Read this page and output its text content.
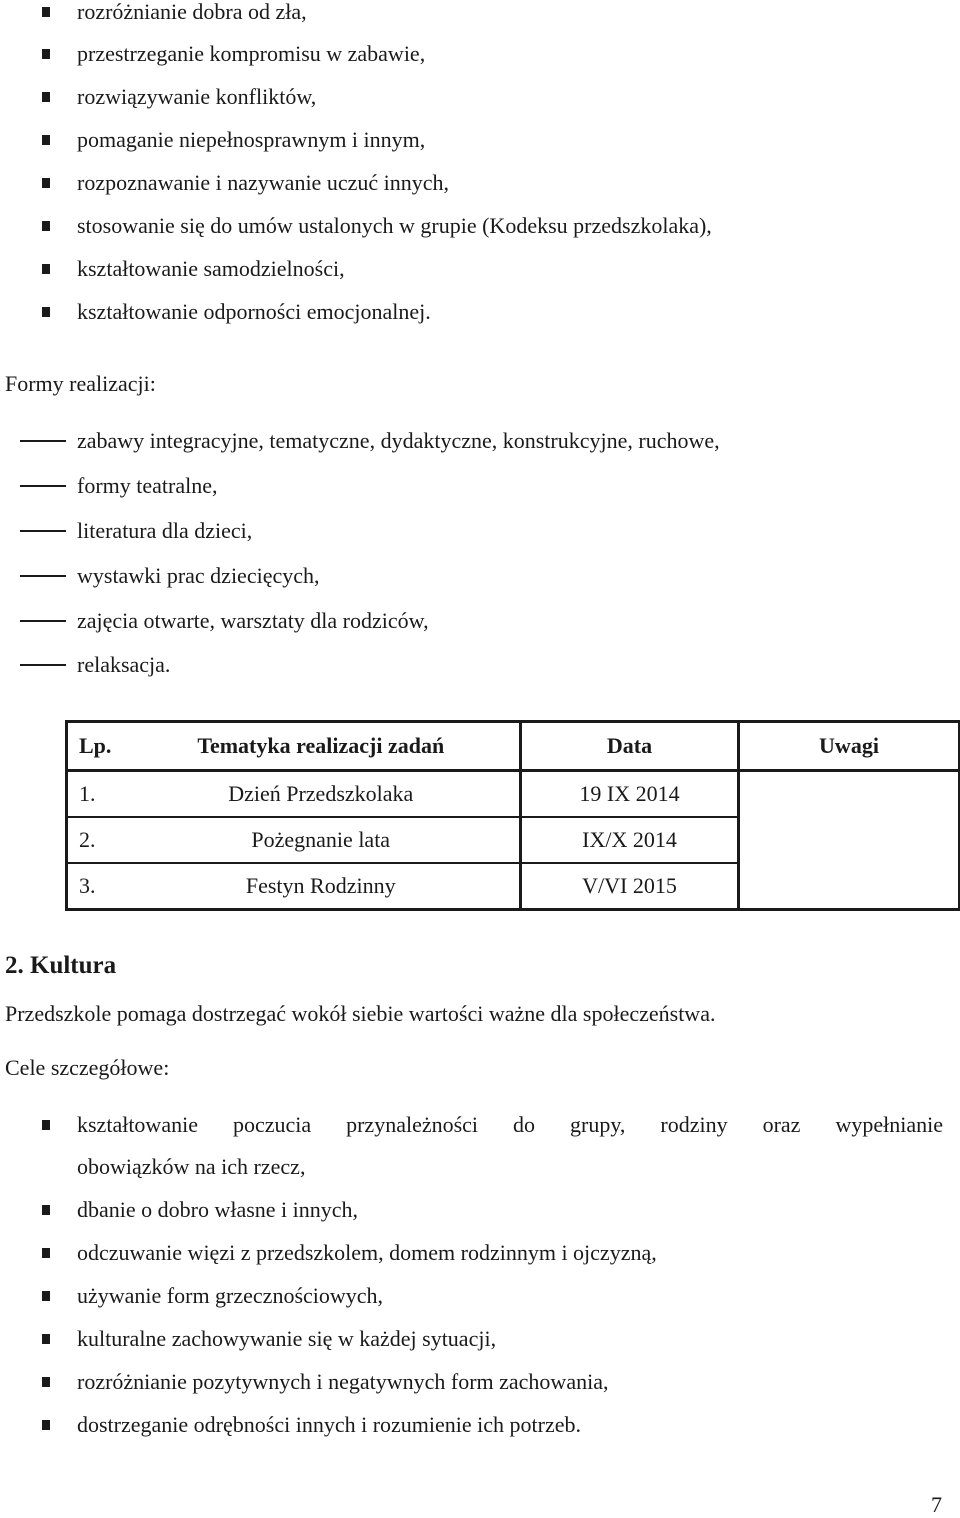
rozróżnianie dobra od zła,
przestrzeganie kompromisu w zabawie,
rozwiązywanie konfliktów,
pomaganie niepełnosprawnym i innym,
rozpoznawanie i nazywanie uczuć innych,
stosowanie się do umów ustalonych w grupie (Kodeksu przedszkolaka),
kształtowanie samodzielności,
kształtowanie odporności emocjonalnej.
Formy realizacji:
zabawy integracyjne, tematyczne, dydaktyczne, konstrukcyjne, ruchowe,
formy teatralne,
literatura dla dzieci,
wystawki prac dziecięcych,
zajęcia otwarte, warsztaty dla rodziców,
relaksacja.
Lp.	Tematyka realizacji zadań	Data	Uwagi
1.	Dzień Przedszkolaka	19 IX 2014	
2.	Pożegnanie lata	IX/X 2014	
3.	Festyn Rodzinny	V/VI 2015	
2. Kultura
Przedszkole pomaga dostrzegać wokół siebie wartości ważne dla społeczeństwa.
Cele szczegółowe:
kształtowanie poczucia przynależności do grupy, rodziny oraz wypełnianie
obowiązków na ich rzecz,
dbanie o dobro własne i innych,
odczuwanie więzi z przedszkolem, domem rodzinnym i ojczyzną,
używanie form grzecznościowych,
kulturalne zachowywanie się w każdej sytuacji,
rozróżnianie pozytywnych i negatywnych form zachowania,
dostrzeganie odrębności innych i rozumienie ich potrzeb.
7
